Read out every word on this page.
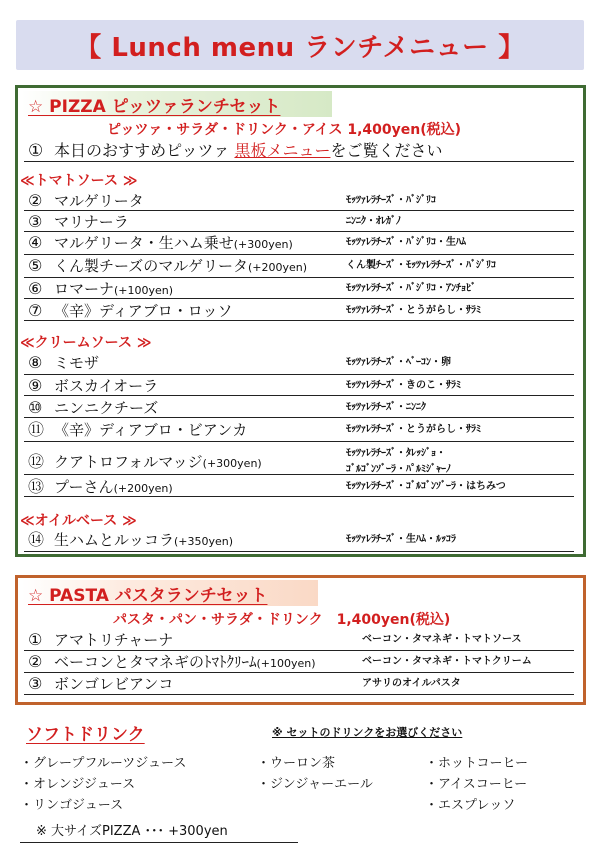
【 Lunch menu ランチメニュー 】
☆ PIZZA ピッツァランチセット
ピッツァ・サラダ・ドリンク・アイス 1,400yen(税込)
① 本日のおすすめピッツァ 黒板メニューをご覧ください
≪トマトソース ≫
② マルゲリータ	ﾓｯﾂｧﾚﾗﾁｰｽﾞ・ﾊﾞｼﾞﾘｺ
③ マリナーラ	ﾆﾝﾆｸ・ｵﾚｶﾞﾉ
④ マルゲリータ・生ハム乗せ(+300yen)	ﾓｯﾂｧﾚﾗﾁｰｽﾞ・ﾊﾞｼﾞﾘｺ・生ﾊﾑ
⑤ くん製チーズのマルゲリータ(+200yen)	くん製ﾁｰｽﾞ・ﾓｯﾂｧﾚﾗﾁｰｽﾞ・ﾊﾞｼﾞﾘｺ
⑥ ロマーナ(+100yen)	ﾓｯﾂｧﾚﾗﾁｰｽﾞ・ﾊﾞｼﾞﾘｺ・ｱﾝﾁｮﾋﾞ
⑦ 《辛》ディアブロ・ロッソ	ﾓｯﾂｧﾚﾗﾁｰｽﾞ・とうがらし・ｻﾗﾐ
≪クリームソース ≫
⑧ ミモザ	ﾓｯﾂｧﾚﾗﾁｰｽﾞ・ﾍﾞｰｺﾝ・卵
⑨ ボスカイオーラ	ﾓｯﾂｧﾚﾗﾁｰｽﾞ・きのこ・ｻﾗﾐ
⑩ ニンニクチーズ	ﾓｯﾂｧﾚﾗﾁｰｽﾞ・ﾆﾝﾆｸ
⑪ 《辛》ディアブロ・ビアンカ	ﾓｯﾂｧﾚﾗﾁｰｽﾞ・とうがらし・ｻﾗﾐ
⑫ クアトロフォルマッジ(+300yen)
ﾓｯﾂｧﾚﾗﾁｰｽﾞ・ﾀﾚｯｼﾞｮ・
ｺﾞﾙｺﾞﾝｿﾞｰﾗ・ﾊﾟﾙﾐｼﾞｬｰﾉ
⑬ プーさん(+200yen)	ﾓｯﾂｧﾚﾗﾁｰｽﾞ・ｺﾞﾙｺﾞﾝｿﾞｰﾗ・はちみつ
≪オイルベース ≫
⑭ 生ハムとルッコラ(+350yen)	ﾓｯﾂｧﾚﾗﾁｰｽﾞ・生ﾊﾑ・ﾙｯｺﾗ
☆ PASTA パスタランチセット
パスタ・パン・サラダ・ドリンク　1,400yen(税込)
① アマトリチャーナ	ベーコン・タマネギ・トマトソース
② ベーコンとタマネギのﾄﾏﾄｸﾘｰﾑ(+100yen)	ベーコン・タマネギ・トマトクリーム
③ ボンゴレビアンコ	アサリのオイルパスタ
ソフトドリンク	※ セットのドリンクをお選びください
・グレープフルーツジュース
・オレンジジュース
・リンゴジュース
・ウーロン茶
・ジンジャーエール
・ホットコーヒー
・アイスコーヒー
・エスプレッソ
※ 大サイズPIZZA ･･･ +300yen
